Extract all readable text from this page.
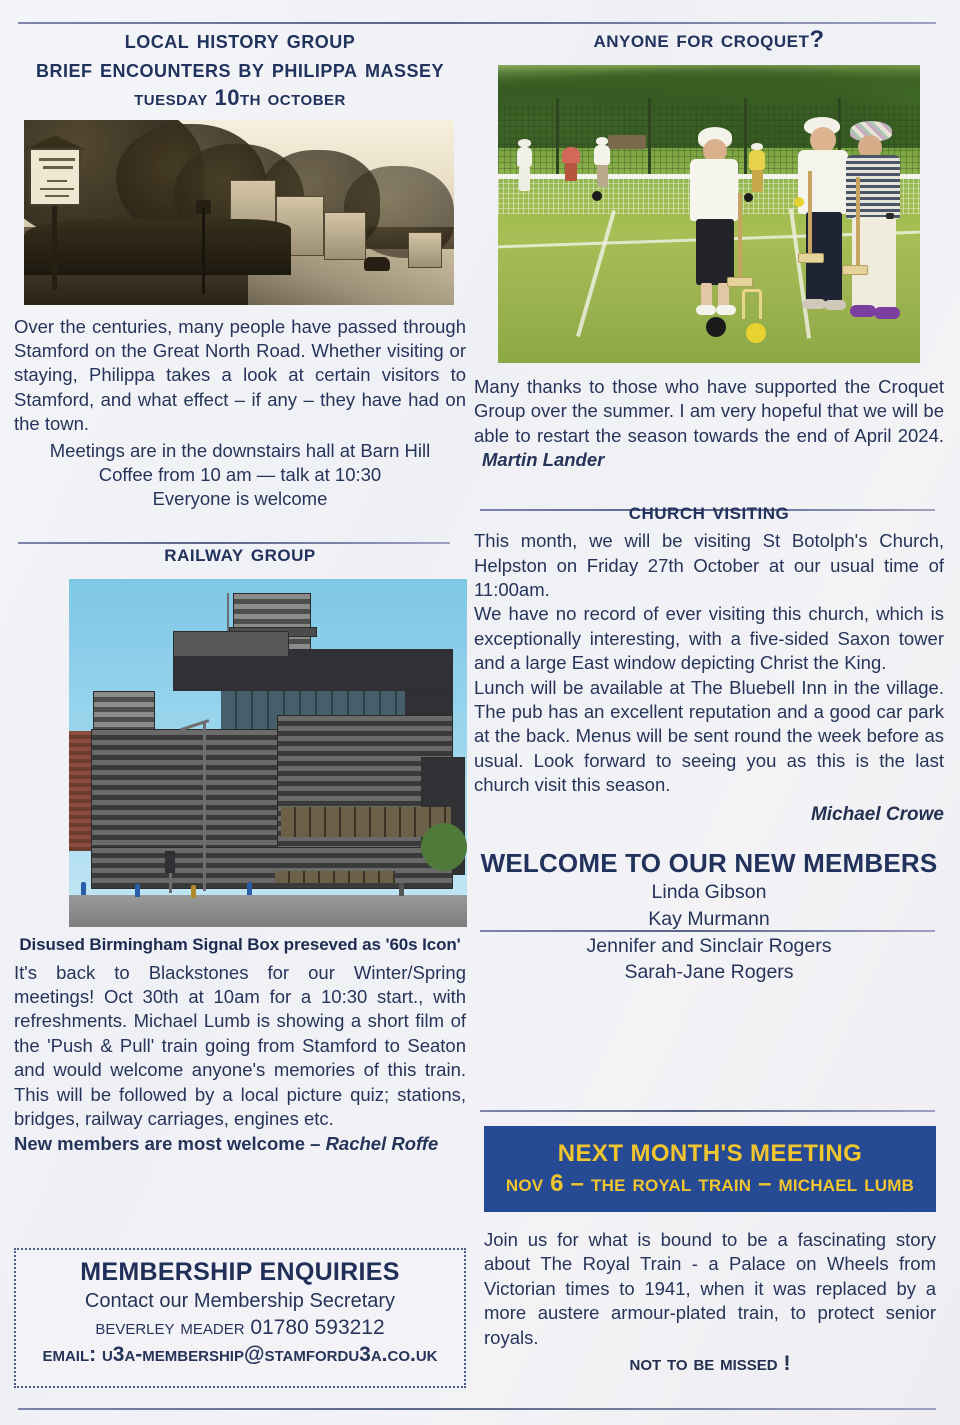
local history group
brief encounters by philippa massey
tuesday 10th october
Over the centuries, many people have passed through Stamford on the Great North Road. Whether visiting or staying, Philippa takes a look at certain visitors to Stamford, and what effect – if any – they have had on the town.
Meetings are in the downstairs hall at Barn Hill
Coffee from 10 am — talk at 10:30
Everyone is welcome
railway group
Disused Birmingham Signal Box preseved as '60s Icon'
It's back to Blackstones for our Winter/Spring meetings! Oct 30th at 10am for a 10:30 start., with refreshments. Michael Lumb is showing a short film of the 'Push & Pull' train going from Stamford to Seaton and would welcome anyone's memories of this train. This will be followed by a local picture quiz; stations, bridges, railway carriages, engines etc.
New members are most welcome – Rachel Roffe
anyone for croquet?
Many thanks to those who have supported the Croquet Group over the summer. I am very hopeful that we will be able to restart the season towards the end of April 2024. Martin Lander
church visiting
This month, we will be visiting St Botolph's Church, Helpston on Friday 27th October at our usual time of 11:00am.
We have no record of ever visiting this church, which is exceptionally interesting, with a five-sided Saxon tower and a large East window depicting Christ the King.
Lunch will be available at The Bluebell Inn in the village. The pub has an excellent reputation and a good car park at the back. Menus will be sent round the week before as usual. Look forward to seeing you as this is the last church visit this season.
Michael Crowe
WELCOME TO OUR NEW MEMBERS
Linda Gibson
Kay Murmann
Jennifer and Sinclair Rogers
Sarah-Jane Rogers
NEXT MONTH'S MEETING
nov 6 – the royal train – michael lumb
Join us for what is bound to be a fascinating story about The Royal Train - a Palace on Wheels from Victorian times to 1941, when it was replaced by a more austere armour-plated train, to protect senior royals.
not to be missed !
MEMBERSHIP ENQUIRIES
Contact our Membership Secretary
beverley meader 01780 593212
email: u3a-membership@stamfordu3a.co.uk
